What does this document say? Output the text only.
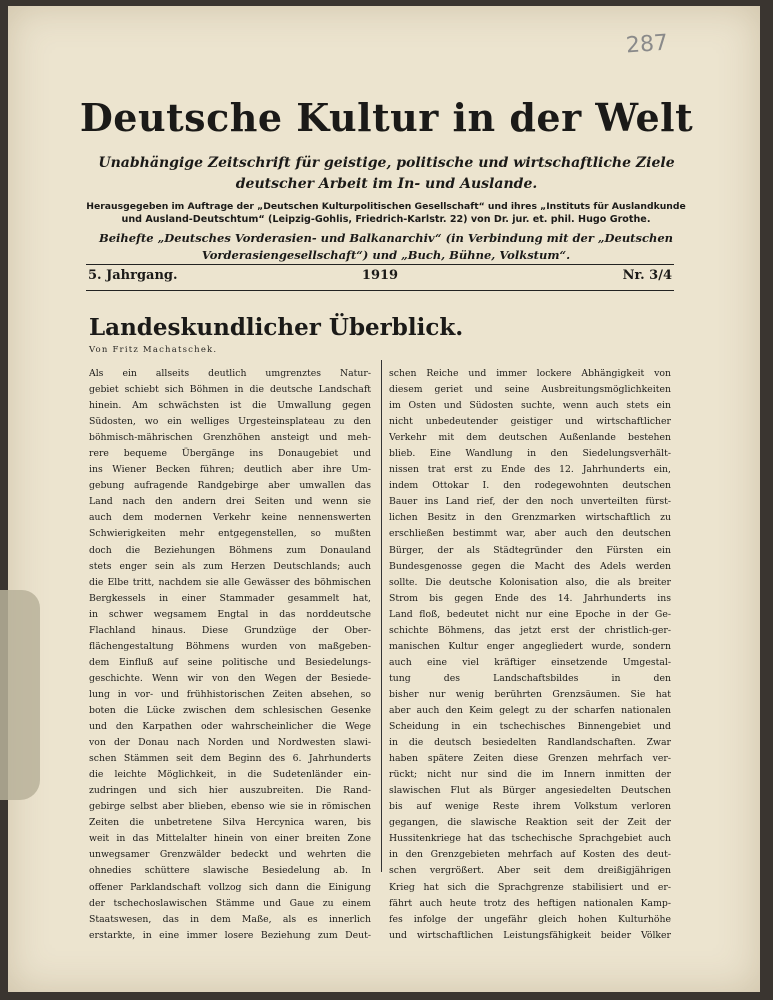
287
Deutsche Kultur in der Welt

Unabhängige Zeitschrift für geistige, politische und wirtschaftliche Ziele

deutscher Arbeit im In- und Auslande.

Herausgegeben im Auftrage der „Deutschen Kulturpolitischen Gesellschaft“ und ihres „Instituts für Auslandkunde
und Ausland-Deutschtum“ (Leipzig-Gohlis, Friedrich-Karlstr. 22) von Dr. jur. et. phil. Hugo Grothe.

Beihefte „Deutsches Vorderasien- und Balkanarchiv“ (in Verbindung mit der „Deutschen
Vorderasiengesellschaft“) und „Buch, Bühne, Volkstum“.

1919
5. Jahrgang.	Nr. 3/4
Landeskundlicher Überblick.

Von Fritz Machatschek.

Als ein allseits deutlich umgrenztes Natur-
gebiet schiebt sich Böhmen in die deutsche Landschaft
hinein. Am schwächsten ist die Umwallung gegen
Südosten, wo ein welliges Urgesteinsplateau zu den
böhmisch-mährischen Grenzhöhen ansteigt und meh-
rere bequeme Übergänge ins Donaugebiet und
ins Wiener Becken führen; deutlich aber ihre Um-
gebung aufragende Randgebirge aber umwallen das
Land nach den andern drei Seiten und wenn sie
auch dem modernen Verkehr keine nennenswerten
Schwierigkeiten mehr entgegenstellen, so mußten
doch die Beziehungen Böhmens zum Donauland
stets enger sein als zum Herzen Deutschlands; auch
die Elbe tritt, nachdem sie alle Gewässer des böhmischen
Bergkessels in einer Stammader gesammelt hat,
in schwer wegsamem Engtal in das norddeutsche
Flachland hinaus. Diese Grundzüge der Ober-
flächengestaltung Böhmens wurden von maßgeben-
dem Einfluß auf seine politische und Besiedelungs-
geschichte. Wenn wir von den Wegen der Besiede-
lung in vor- und frühhistorischen Zeiten absehen, so
boten die Lücke zwischen dem schlesischen Gesenke
und den Karpathen oder wahrscheinlicher die Wege
von der Donau nach Norden und Nordwesten slawi-
schen Stämmen seit dem Beginn des 6. Jahrhunderts
die leichte Möglichkeit, in die Sudetenländer ein-
zudringen und sich hier auszubreiten. Die Rand-
gebirge selbst aber blieben, ebenso wie sie in römischen
Zeiten die unbetretene Silva Hercynica waren, bis
weit in das Mittelalter hinein von einer breiten Zone
unwegsamer Grenzwälder bedeckt und wehrten die
ohnedies schüttere slawische Besiedelung ab. In
offener Parklandschaft vollzog sich dann die Einigung
der tschechoslawischen Stämme und Gaue zu einem
Staatswesen, das in dem Maße, als es innerlich
erstarkte, in eine immer losere Beziehung zum Deut-
schen Reiche und immer lockere Abhängigkeit von
diesem geriet und seine Ausbreitungsmöglichkeiten
im Osten und Südosten suchte, wenn auch stets ein
nicht unbedeutender geistiger und wirtschaftlicher
Verkehr mit dem deutschen Außenlande bestehen
blieb. Eine Wandlung in den Siedelungsverhält-
nissen trat erst zu Ende des 12. Jahrhunderts ein,
indem Ottokar I. den rodegewohnten deutschen
Bauer ins Land rief, der den noch unverteilten fürst-
lichen Besitz in den Grenzmarken wirtschaftlich zu
erschließen bestimmt war, aber auch den deutschen
Bürger, der als Städtegründer den Fürsten ein
Bundesgenosse gegen die Macht des Adels werden
sollte. Die deutsche Kolonisation also, die als breiter
Strom bis gegen Ende des 14. Jahrhunderts ins
Land floß, bedeutet nicht nur eine Epoche in der Ge-
schichte Böhmens, das jetzt erst der christlich-ger-
manischen Kultur enger angegliedert wurde, sondern
auch eine viel kräftiger einsetzende Umgestal-
tung des Landschaftsbildes in den
bisher nur wenig berührten Grenzsäumen. Sie hat
aber auch den Keim gelegt zu der scharfen nationalen
Scheidung in ein tschechisches Binnengebiet und
in die deutsch besiedelten Randlandschaften. Zwar
haben spätere Zeiten diese Grenzen mehrfach ver-
rückt; nicht nur sind die im Innern inmitten der
slawischen Flut als Bürger angesiedelten Deutschen
bis auf wenige Reste ihrem Volkstum verloren
gegangen, die slawische Reaktion seit der Zeit der
Hussitenkriege hat das tschechische Sprachgebiet auch
in den Grenzgebieten mehrfach auf Kosten des deut-
schen vergrößert. Aber seit dem dreißigjährigen
Krieg hat sich die Sprachgrenze stabilisiert und er-
fährt auch heute trotz des heftigen nationalen Kamp-
fes infolge der ungefähr gleich hohen Kulturhöhe
und wirtschaftlichen Leistungsfähigkeit beider Völker
